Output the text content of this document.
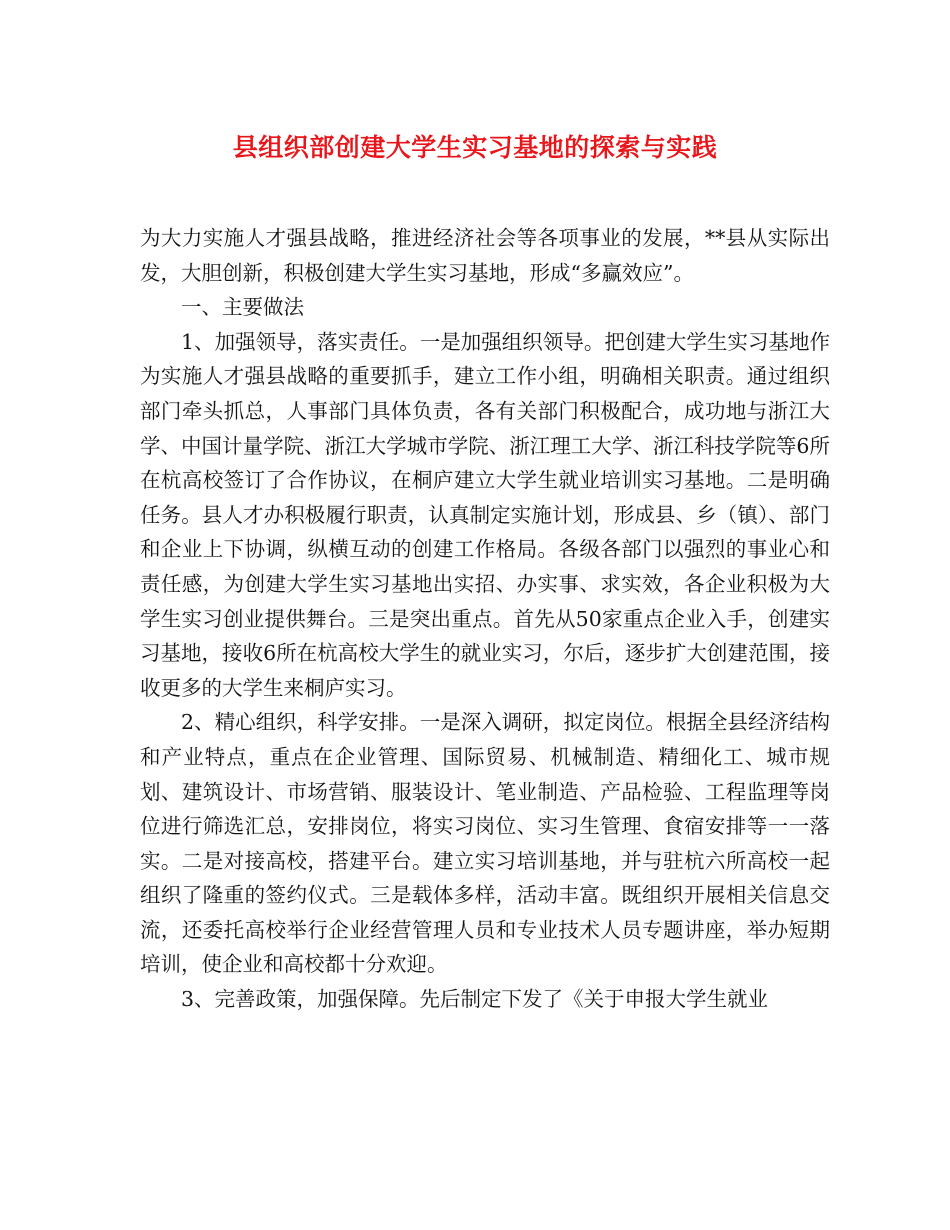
县组织部创建大学生实习基地的探索与实践

为大力实施人才强县战略，推进经济社会等各项事业的发展，**县从实际出发，大胆创新，积极创建大学生实习基地，形成“多赢效应”。

一、主要做法

1、加强领导，落实责任。一是加强组织领导。把创建大学生实习基地作为实施人才强县战略的重要抓手，建立工作小组，明确相关职责。通过组织部门牵头抓总，人事部门具体负责，各有关部门积极配合，成功地与浙江大学、中国计量学院、浙江大学城市学院、浙江理工大学、浙江科技学院等6所在杭高校签订了合作协议，在桐庐建立大学生就业培训实习基地。二是明确任务。县人才办积极履行职责，认真制定实施计划，形成县、乡（镇）、部门和企业上下协调，纵横互动的创建工作格局。各级各部门以强烈的事业心和责任感，为创建大学生实习基地出实招、办实事、求实效，各企业积极为大学生实习创业提供舞台。三是突出重点。首先从50家重点企业入手，创建实习基地，接收6所在杭高校大学生的就业实习，尔后，逐步扩大创建范围，接收更多的大学生来桐庐实习。

2、精心组织，科学安排。一是深入调研，拟定岗位。根据全县经济结构和产业特点，重点在企业管理、国际贸易、机械制造、精细化工、城市规划、建筑设计、市场营销、服装设计、笔业制造、产品检验、工程监理等岗位进行筛选汇总，安排岗位，将实习岗位、实习生管理、食宿安排等一一落实。二是对接高校，搭建平台。建立实习培训基地，并与驻杭六所高校一起组织了隆重的签约仪式。三是载体多样，活动丰富。既组织开展相关信息交流，还委托高校举行企业经营管理人员和专业技术人员专题讲座，举办短期培训，使企业和高校都十分欢迎。

3、完善政策，加强保障。先后制定下发了《关于申报大学生就业
